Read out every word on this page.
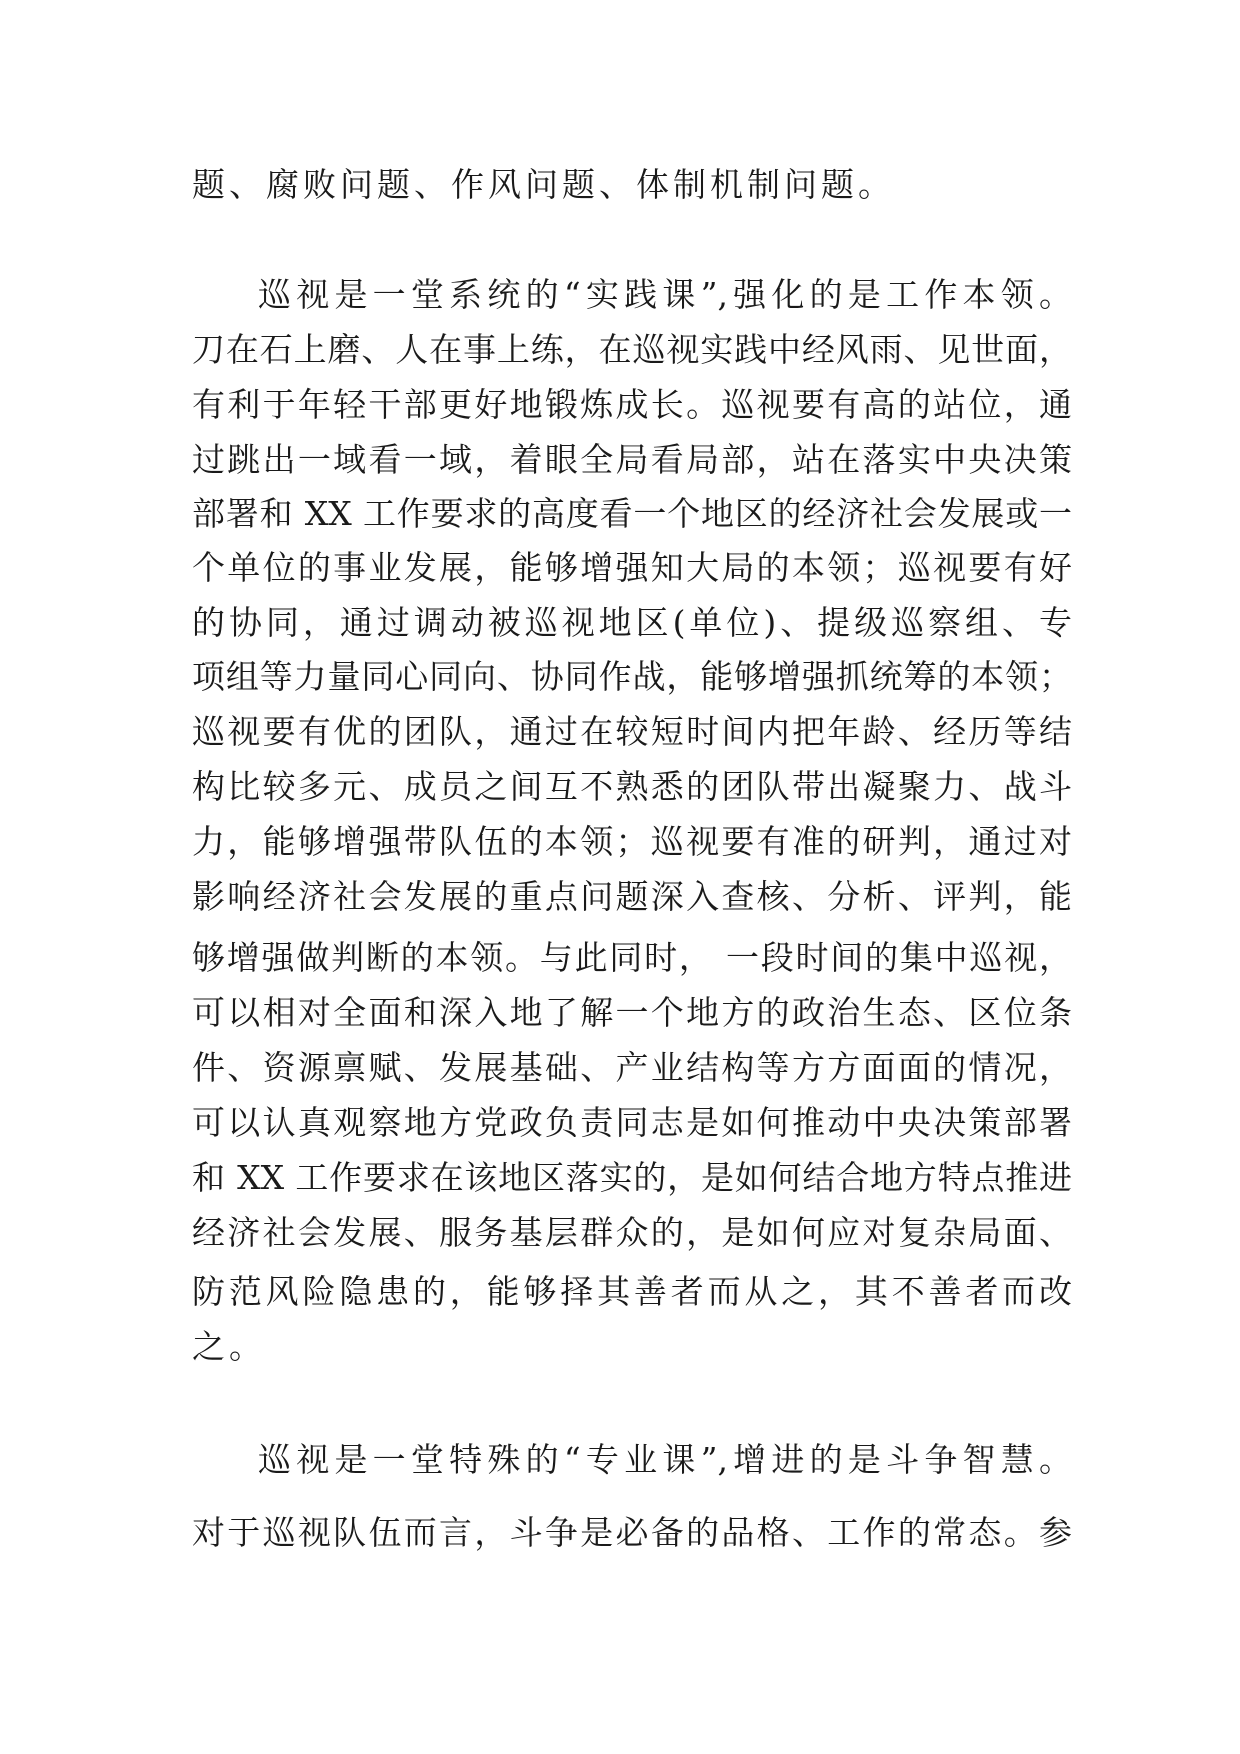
题、腐败问题、作风问题、体制机制问题。
巡视是一堂系统的“实践课”,强化的是工作本领。
刀在石上磨、人在事上练，在巡视实践中经风雨、见世面，
有利于年轻干部更好地锻炼成长。巡视要有高的站位，通
过跳出一域看一域，着眼全局看局部，站在落实中央决策
部署和 XX 工作要求的高度看一个地区的经济社会发展或一
个单位的事业发展，能够增强知大局的本领；巡视要有好
的协同，通过调动被巡视地区(单位)、提级巡察组、专
项组等力量同心同向、协同作战，能够增强抓统筹的本领；
巡视要有优的团队，通过在较短时间内把年龄、经历等结
构比较多元、成员之间互不熟悉的团队带出凝聚力、战斗
力，能够增强带队伍的本领；巡视要有准的研判，通过对
影响经济社会发展的重点问题深入查核、分析、评判，能
够增强做判断的本领。与此同时， 一段时间的集中巡视，
可以相对全面和深入地了解一个地方的政治生态、区位条
件、资源禀赋、发展基础、产业结构等方方面面的情况，
可以认真观察地方党政负责同志是如何推动中央决策部署
和 XX 工作要求在该地区落实的，是如何结合地方特点推进
经济社会发展、服务基层群众的，是如何应对复杂局面、
防范风险隐患的，能够择其善者而从之，其不善者而改
之。
巡视是一堂特殊的“专业课”,增进的是斗争智慧。
对于巡视队伍而言，斗争是必备的品格、工作的常态。参
